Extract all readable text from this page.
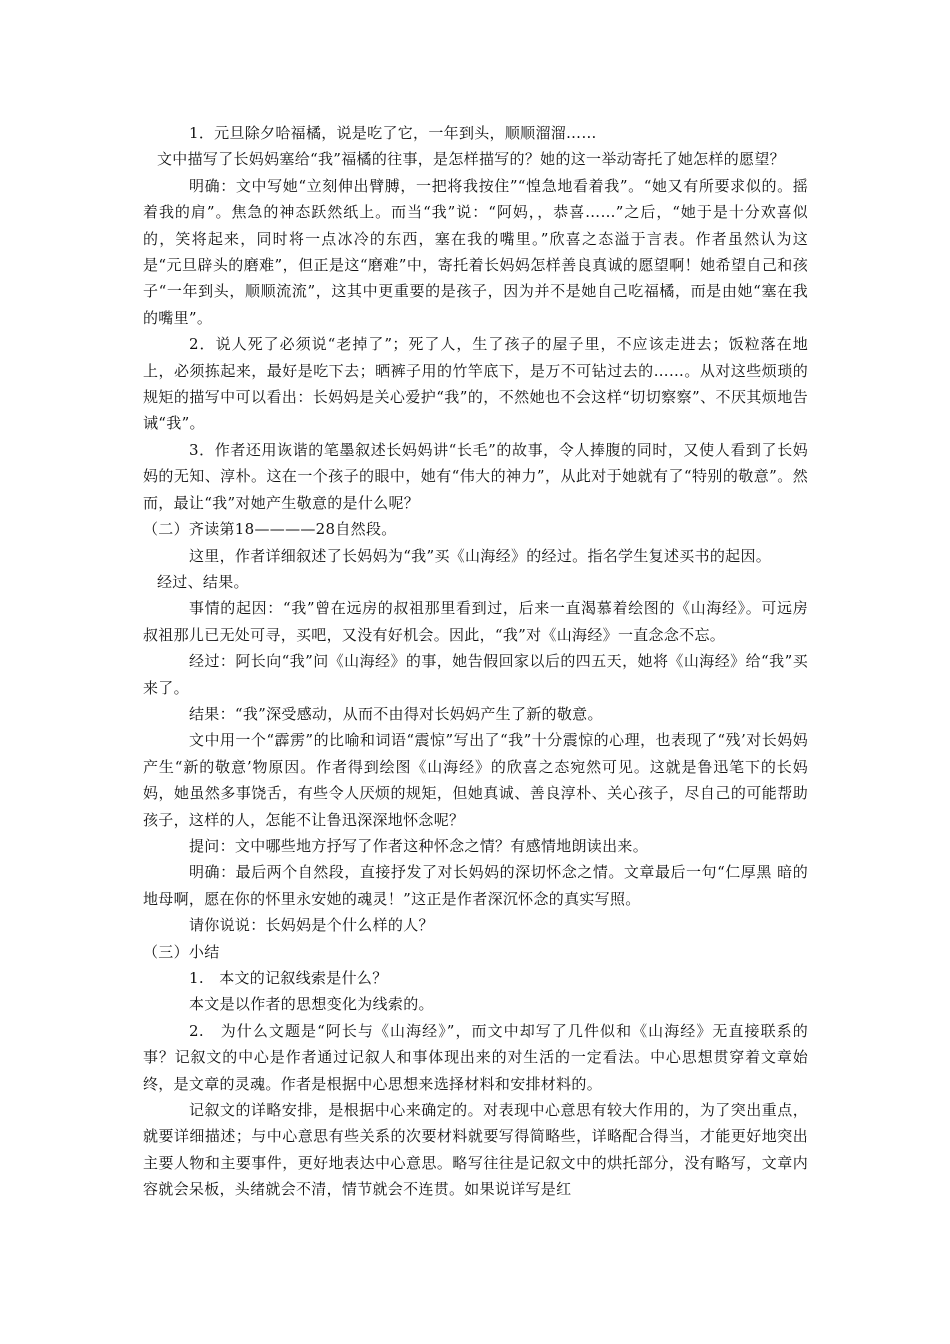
1．元旦除夕哈福橘，说是吃了它，一年到头，顺顺溜溜……

文中描写了长妈妈塞给“我”福橘的往事，是怎样描写的？她的这一举动寄托了她怎样的愿望？

明确：文中写她“立刻伸出臂膊，一把将我按住”“惶急地看着我”。“她又有所要求似的。摇着我的肩”。焦急的神态跃然纸上。而当“我”说：“阿妈，，恭喜……”之后，“她于是十分欢喜似的，笑将起来，同时将一点冰冷的东西，塞在我的嘴里。”欣喜之态溢于言表。作者虽然认为这是“元旦辟头的磨难”，但正是这“磨难”中，寄托着长妈妈怎样善良真诚的愿望啊！她希望自己和孩子“一年到头，顺顺流流”，这其中更重要的是孩子，因为并不是她自己吃福橘，而是由她“塞在我的嘴里”。

2．说人死了必须说“老掉了”；死了人，生了孩子的屋子里，不应该走进去；饭粒落在地上，必须拣起来，最好是吃下去；晒裤子用的竹竿底下，是万不可钻过去的……。从对这些烦琐的规矩的描写中可以看出：长妈妈是关心爱护“我”的，不然她也不会这样“切切察察”、不厌其烦地告诫“我”。

3．作者还用诙谐的笔墨叙述长妈妈讲“长毛”的故事，令人捧腹的同时，又使人看到了长妈妈的无知、淳朴。这在一个孩子的眼中，她有“伟大的神力”，从此对于她就有了“特别的敬意”。然而，最让“我”对她产生敬意的是什么呢？

（二）齐读第18————28自然段。

这里，作者详细叙述了长妈妈为“我”买《山海经》的经过。指名学生复述买书的起因。

经过、结果。

事情的起因：“我”曾在远房的叔祖那里看到过，后来一直渴慕着绘图的《山海经》。可远房叔祖那儿已无处可寻，买吧，又没有好机会。因此，“我”对《山海经》一直念念不忘。

经过：阿长向“我”问《山海经》的事，她告假回家以后的四五天，她将《山海经》给“我”买来了。

结果：“我”深受感动，从而不由得对长妈妈产生了新的敬意。

文中用一个“霹雳”的比喻和词语“震惊”写出了“我”十分震惊的心理，也表现了“残’对长妈妈产生“新的敬意’物原因。作者得到绘图《山海经》的欣喜之态宛然可见。这就是鲁迅笔下的长妈妈，她虽然多事饶舌，有些令人厌烦的规矩，但她真诚、善良淳朴、关心孩子，尽自己的可能帮助孩子，这样的人，怎能不让鲁迅深深地怀念呢？

提问：文中哪些地方抒写了作者这种怀念之情？有感情地朗读出来。

明确：最后两个自然段，直接抒发了对长妈妈的深切怀念之情。文章最后一句“仁厚黑 暗的地母啊，愿在你的怀里永安她的魂灵！”这正是作者深沉怀念的真实写照。

请你说说：长妈妈是个什么样的人？

（三）小结

1.　本文的记叙线索是什么？

本文是以作者的思想变化为线索的。

2.　为什么文题是“阿长与《山海经》”，而文中却写了几件似和《山海经》无直接联系的事？记叙文的中心是作者通过记叙人和事体现出来的对生活的一定看法。中心思想贯穿着文章始终，是文章的灵魂。作者是根据中心思想来选择材料和安排材料的。

记叙文的详略安排，是根据中心来确定的。对表现中心意思有较大作用的，为了突出重点，就要详细描述；与中心意思有些关系的次要材料就要写得简略些，详略配合得当，才能更好地突出主要人物和主要事件，更好地表达中心意思。略写往往是记叙文中的烘托部分，没有略写，文章内容就会呆板，头绪就会不清，情节就会不连贯。如果说详写是红
